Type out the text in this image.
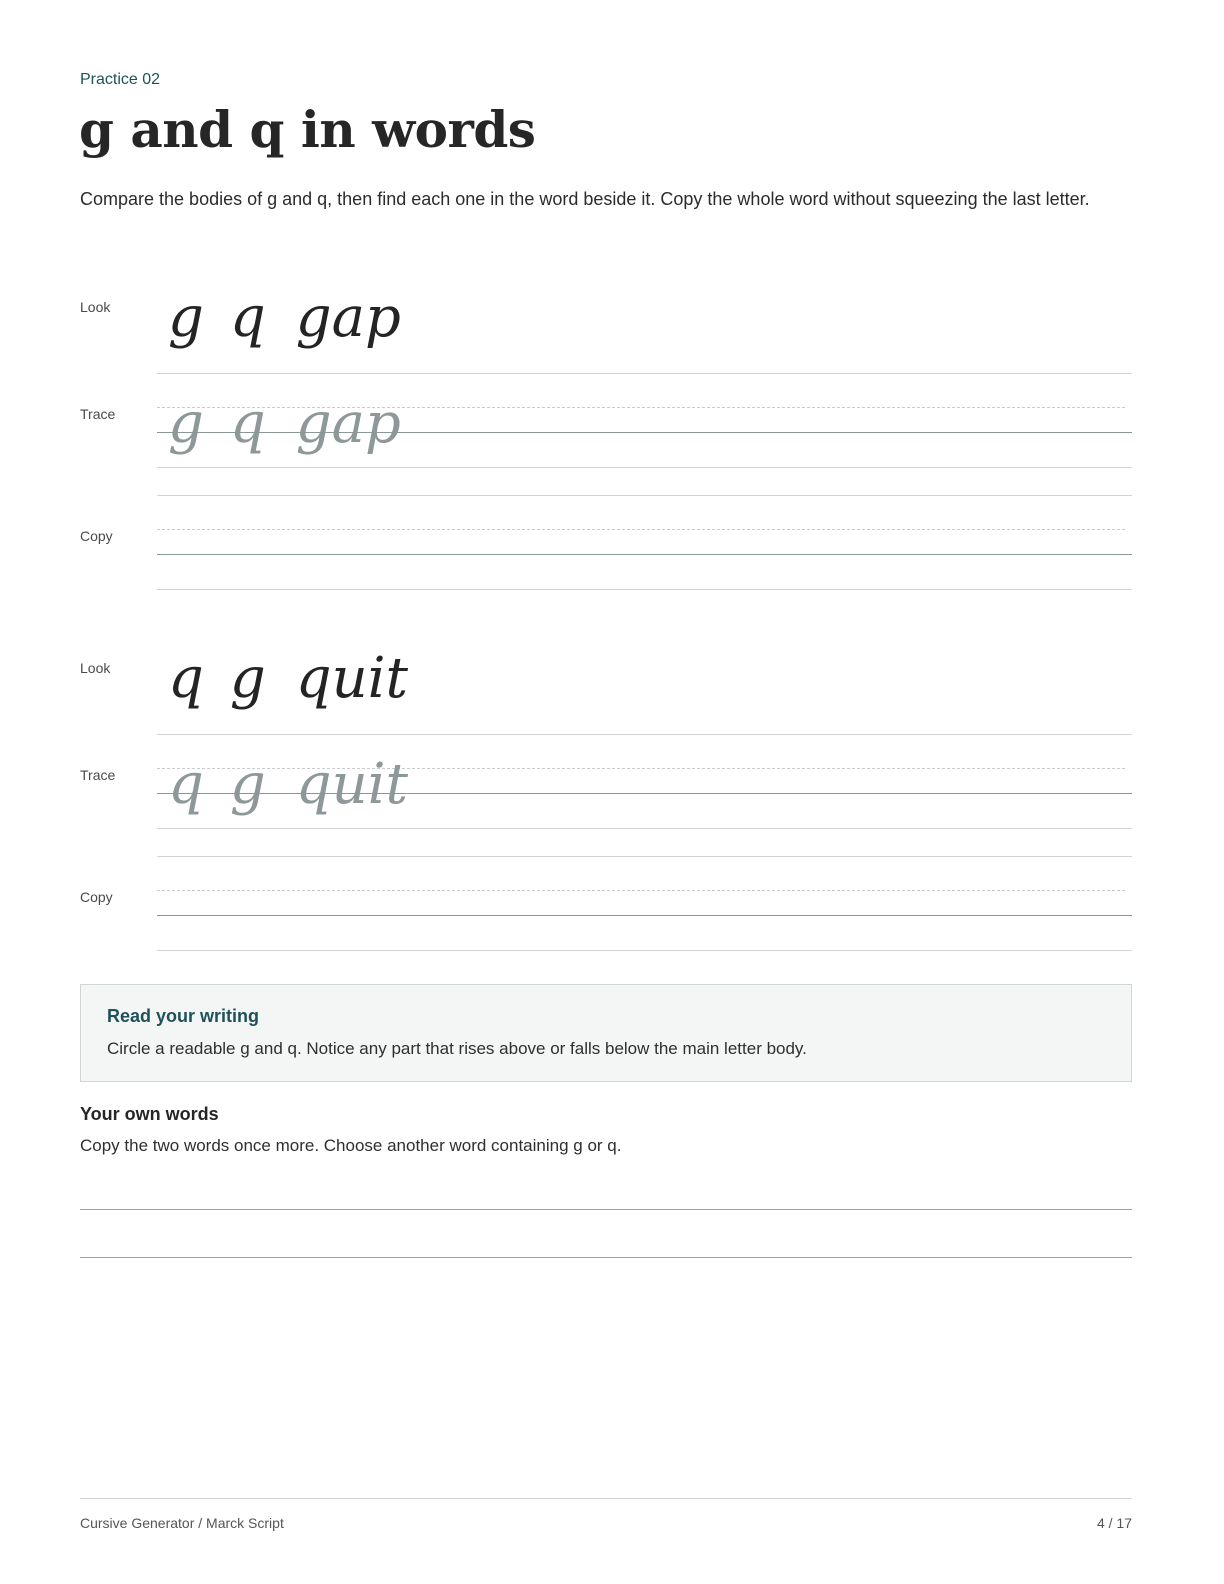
Practice 02
g and q in words

Compare the bodies of g and q, then find each one in the word beside it. Copy the whole word without squeezing the last letter.

Look g q gap
Trace g q gap
Copy
Look q g quit
Trace q g quit
Copy
Read your writing
Circle a readable g and q. Notice any part that rises above or falls below the main letter body.
Your own words
Copy the two words once more. Choose another word containing g or q.
Cursive Generator / Marck Script	4 / 17
